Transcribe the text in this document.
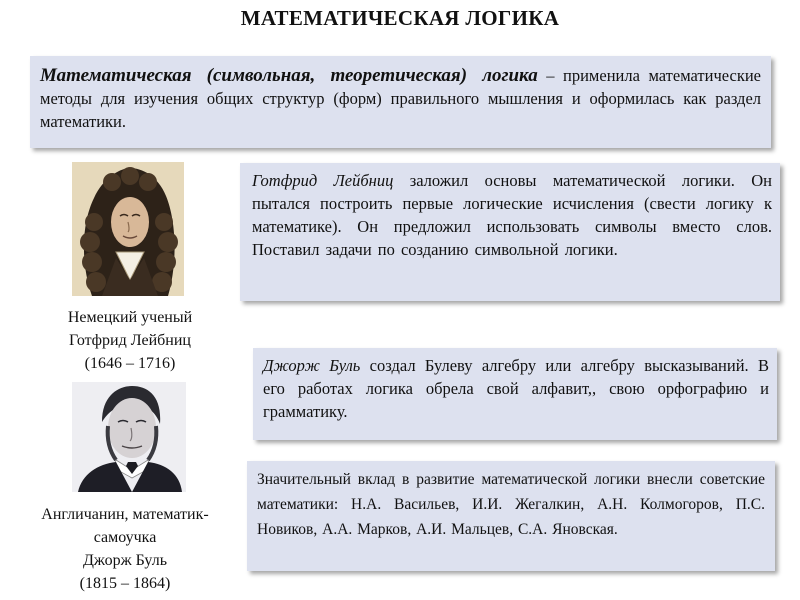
МАТЕМАТИЧЕСКАЯ ЛОГИКА
Математическая (символьная, теоретическая) логика – применила математические методы для изучения общих структур (форм) правильного мышления и оформилась как раздел математики.
Немецкий ученый
Готфрид Лейбниц
(1646 – 1716)
Готфрид Лейбниц заложил основы математической логики. Он пытался построить первые логические исчисления (свести логику к математике). Он предложил использовать символы вместо слов. Поставил задачи по созданию символьной логики.
Англичанин, математик-
самоучка
Джорж Буль
(1815 – 1864)
Джорж Буль создал Булеву алгебру или алгебру высказываний. В его работах логика обрела свой алфавит,, свою орфографию и грамматику.
Значительный вклад в развитие математической логики внесли советские математики: Н.А. Васильев, И.И. Жегалкин, А.Н. Колмогоров, П.С. Новиков, А.А. Марков, А.И. Мальцев, С.А. Яновская.
